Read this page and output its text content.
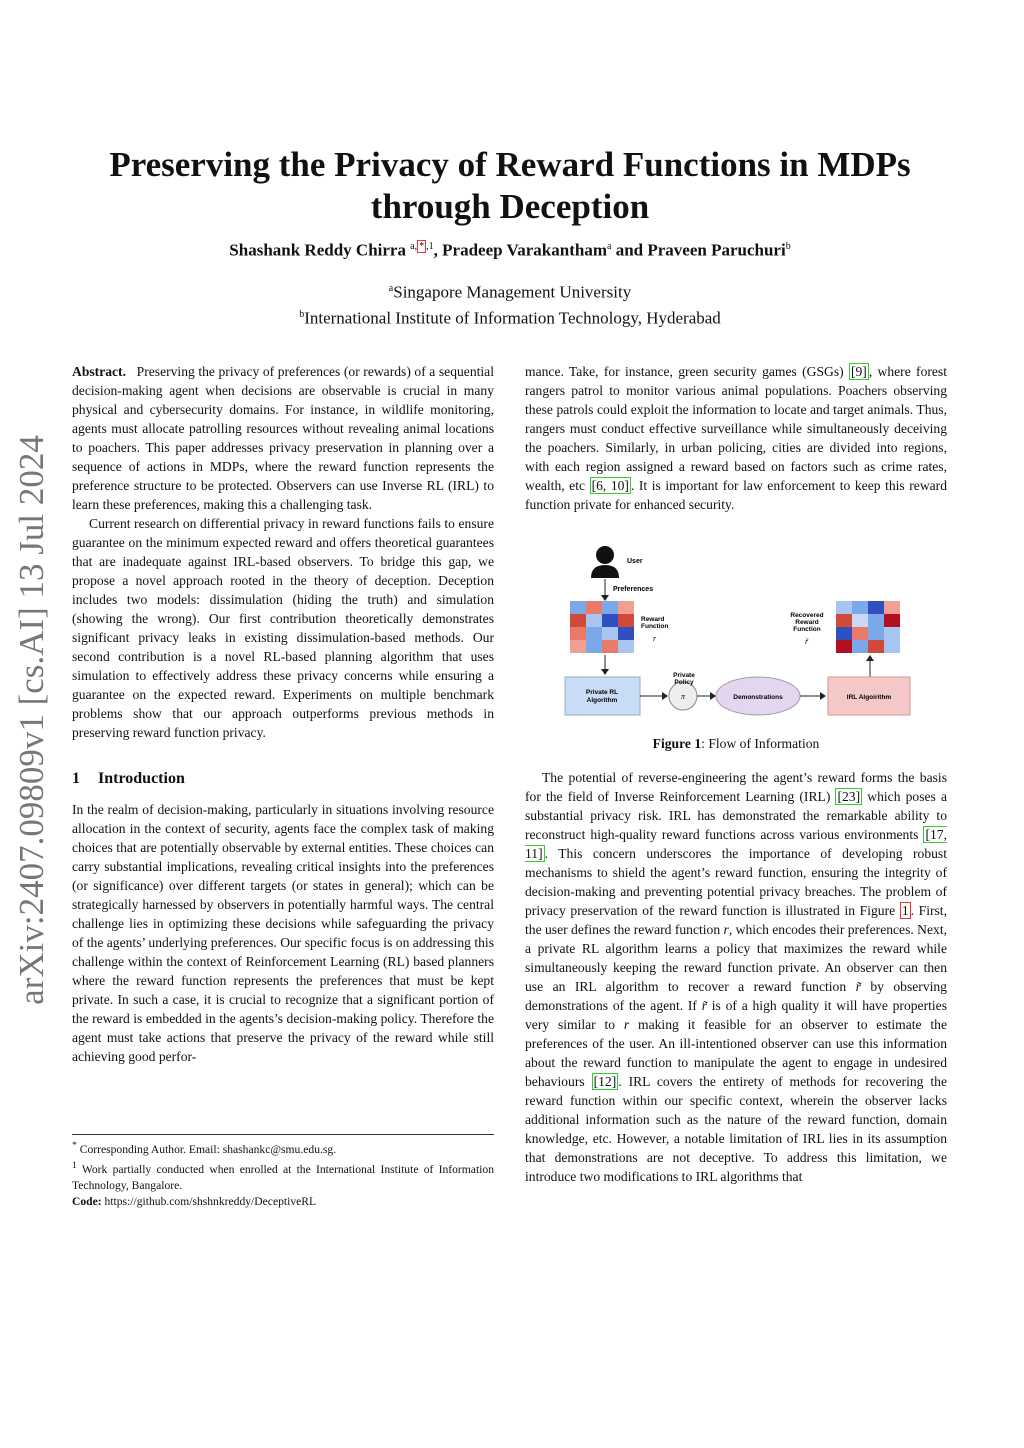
arXiv:2407.09809v1 [cs.AI] 13 Jul 2024
Preserving the Privacy of Reward Functions in MDPs
through Deception
Shashank Reddy Chirra $^{a, * ,1}$, Pradeep Varakantham$^a$ and Praveen Paruchuri$^b$
$^a$Singapore Management University
$^b$International Institute of Information Technology, Hyderabad

Abstract. Preserving the privacy of preferences (or rewards) of a sequential decision-making agent when decisions are observable is crucial in many physical and cybersecurity domains. For instance, in wildlife monitoring, agents must allocate patrolling resources without revealing animal locations to poachers. This paper addresses privacy preservation in planning over a sequence of actions in MDPs, where the reward function represents the preference structure to be protected. Observers can use Inverse RL (IRL) to learn these preferences, making this a challenging task.

Current research on differential privacy in reward functions fails to ensure guarantee on the minimum expected reward and offers theoretical guarantees that are inadequate against IRL-based observers. To bridge this gap, we propose a novel approach rooted in the theory of deception. Deception includes two models: dissimulation (hiding the truth) and simulation (showing the wrong). Our first contribution theoretically demonstrates significant privacy leaks in existing dissimulation-based methods. Our second contribution is a novel RL-based planning algorithm that uses simulation to effectively address these privacy concerns while ensuring a guarantee on the expected reward. Experiments on multiple benchmark problems show that our approach outperforms previous methods in preserving reward function privacy.

1 Introduction

In the realm of decision-making, particularly in situations involving resource allocation in the context of security, agents face the complex task of making choices that are potentially observable by external entities. These choices can carry substantial implications, revealing critical insights into the preferences (or significance) over different targets (or states in general); which can be strategically harnessed by observers in potentially harmful ways. The central challenge lies in optimizing these decisions while safeguarding the privacy of the agents’ underlying preferences. Our specific focus is on addressing this challenge within the context of Reinforcement Learning (RL) based planners where the reward function represents the preferences that must be kept private. In such a case, it is crucial to recognize that a significant portion of the reward is embedded in the agents’s decision-making policy. Therefore the agent must take actions that preserve the privacy of the reward while still achieving good perfor-

* Corresponding Author. Email: shashankc@smu.edu.sg.
$^1$ Work partially conducted when enrolled at the International Institute of Information Technology, Bangalore.
Code: https://github.com/shshnkreddy/DeceptiveRL

mance. Take, for instance, green security games (GSGs) [9] , where forest rangers patrol to monitor various animal populations. Poachers observing these patrols could exploit the information to locate and target animals. Thus, rangers must conduct effective surveillance while simultaneously deceiving the poachers. Similarly, in urban policing, cities are divided into regions, with each region assigned a reward based on factors such as crime rates, wealth, etc [6, 10] . It is important for law enforcement to keep this reward function private for enhanced security.

User
Preferences
Reward
Function
r
Recovered
Reward
Function
r̃
Private RL
Algorithm	π
Private
Policy
Demonstrations	IRL Algoirithm
Figure 1: Flow of Information

The potential of reverse-engineering the agent’s reward forms the basis for the field of Inverse Reinforcement Learning (IRL) [23] which poses a substantial privacy risk. IRL has demonstrated the remarkable ability to reconstruct high-quality reward functions across various environments [17, 11] . This concern underscores the importance of developing robust mechanisms to shield the agent’s reward function, ensuring the integrity of decision-making and preventing potential privacy breaches. The problem of privacy preservation of the reward function is illustrated in Figure 1 . First, the user defines the reward function r, which encodes their preferences. Next, a private RL algorithm learns a policy that maximizes the reward while simultaneously keeping the reward function private. An observer can then use an IRL algorithm to recover a reward function r̃ by observing demonstrations of the agent. If r̃ is of a high quality it will have properties very similar to r making it feasible for an observer to estimate the preferences of the user. An ill-intentioned observer can use this information about the reward function to manipulate the agent to engage in undesired behaviours [12] . IRL covers the entirety of methods for recovering the reward function within our specific context, wherein the observer lacks additional information such as the nature of the reward function, domain knowledge, etc. However, a notable limitation of IRL lies in its assumption that demonstrations are not deceptive. To address this limitation, we introduce two modifications to IRL algorithms that
